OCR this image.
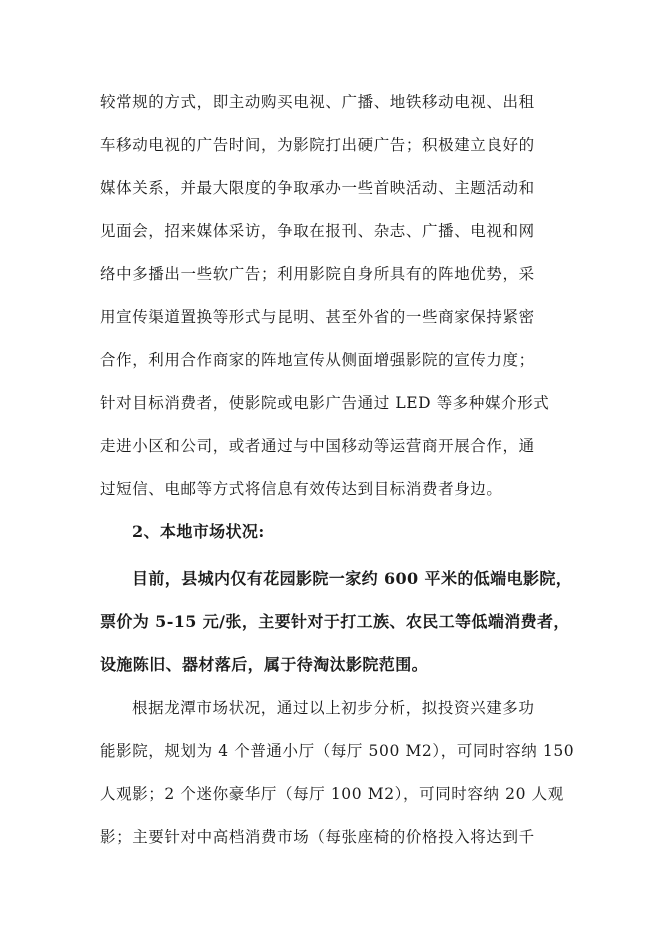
较常规的方式，即主动购买电视、广播、地铁移动电视、出租
车移动电视的广告时间，为影院打出硬广告；积极建立良好的
媒体关系，并最大限度的争取承办一些首映活动、主题活动和
见面会，招来媒体采访，争取在报刊、杂志、广播、电视和网
络中多播出一些软广告；利用影院自身所具有的阵地优势，采
用宣传渠道置换等形式与昆明、甚至外省的一些商家保持紧密
合作，利用合作商家的阵地宣传从侧面增强影院的宣传力度；
针对目标消费者，使影院或电影广告通过 LED 等多种媒介形式
走进小区和公司，或者通过与中国移动等运营商开展合作，通
过短信、电邮等方式将信息有效传达到目标消费者身边。
2、本地市场状况:
目前，县城内仅有花园影院一家约 600 平米的低端电影院，
票价为 5-15 元/张，主要针对于打工族、农民工等低端消费者，
设施陈旧、器材落后，属于待淘汰影院范围。
根据龙潭市场状况，通过以上初步分析，拟投资兴建多功
能影院，规划为 4 个普通小厅（每厅 500 M2），可同时容纳 150
人观影；2 个迷你豪华厅（每厅 100 M2），可同时容纳 20 人观
影；主要针对中高档消费市场（每张座椅的价格投入将达到千
